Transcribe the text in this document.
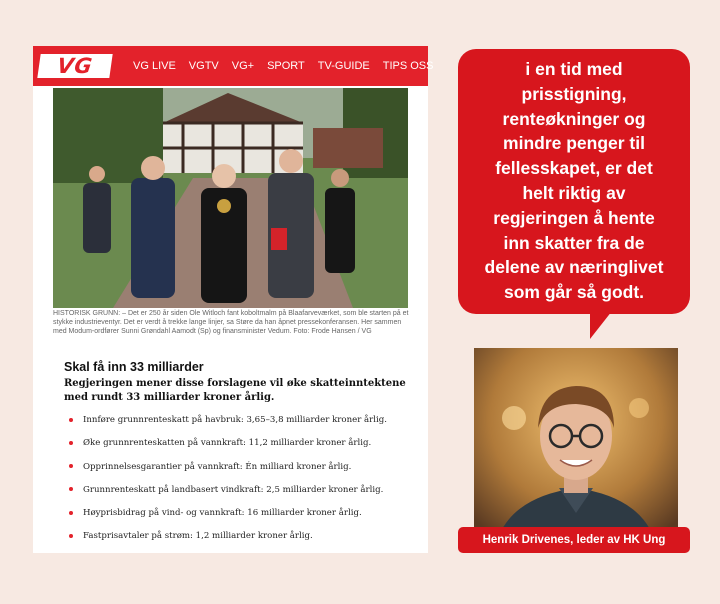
VG	VG LIVE VGTV VG+ SPORT TV-GUIDE TIPS OSS
HISTORISK GRUNN: – Det er 250 år siden Ole Witloch fant koboltmalm på Blaafarveværket, som ble starten på et stykke industrieventyr. Det er verdt å trekke lange linjer, sa Støre da han åpnet pressekonferansen. Her sammen med Modum-ordfører Sunni Grøndahl Aamodt (Sp) og finansminister Vedum. Foto: Frode Hansen / VG
Skal få inn 33 milliarder
Regjeringen mener disse forslagene vil øke skatteinntektene med rundt 33 milliarder kroner årlig.
Innføre grunnrenteskatt på havbruk: 3,65–3,8 milliarder kroner årlig.
Øke grunnrenteskatten på vannkraft: 11,2 milliarder kroner årlig.
Opprinnelsesgarantier på vannkraft: Én milliard kroner årlig.
Grunnrenteskatt på landbasert vindkraft: 2,5 milliarder kroner årlig.
Høyprisbidrag på vind- og vannkraft: 16 milliarder kroner årlig.
Fastprisavtaler på strøm: 1,2 milliarder kroner årlig.
i en tid med
prisstigning,
renteøkninger og
mindre penger til
fellesskapet, er det
helt riktig av
regjeringen å hente
inn skatter fra de
delene av næringlivet
som går så godt.
Henrik Drivenes, leder av HK Ung
